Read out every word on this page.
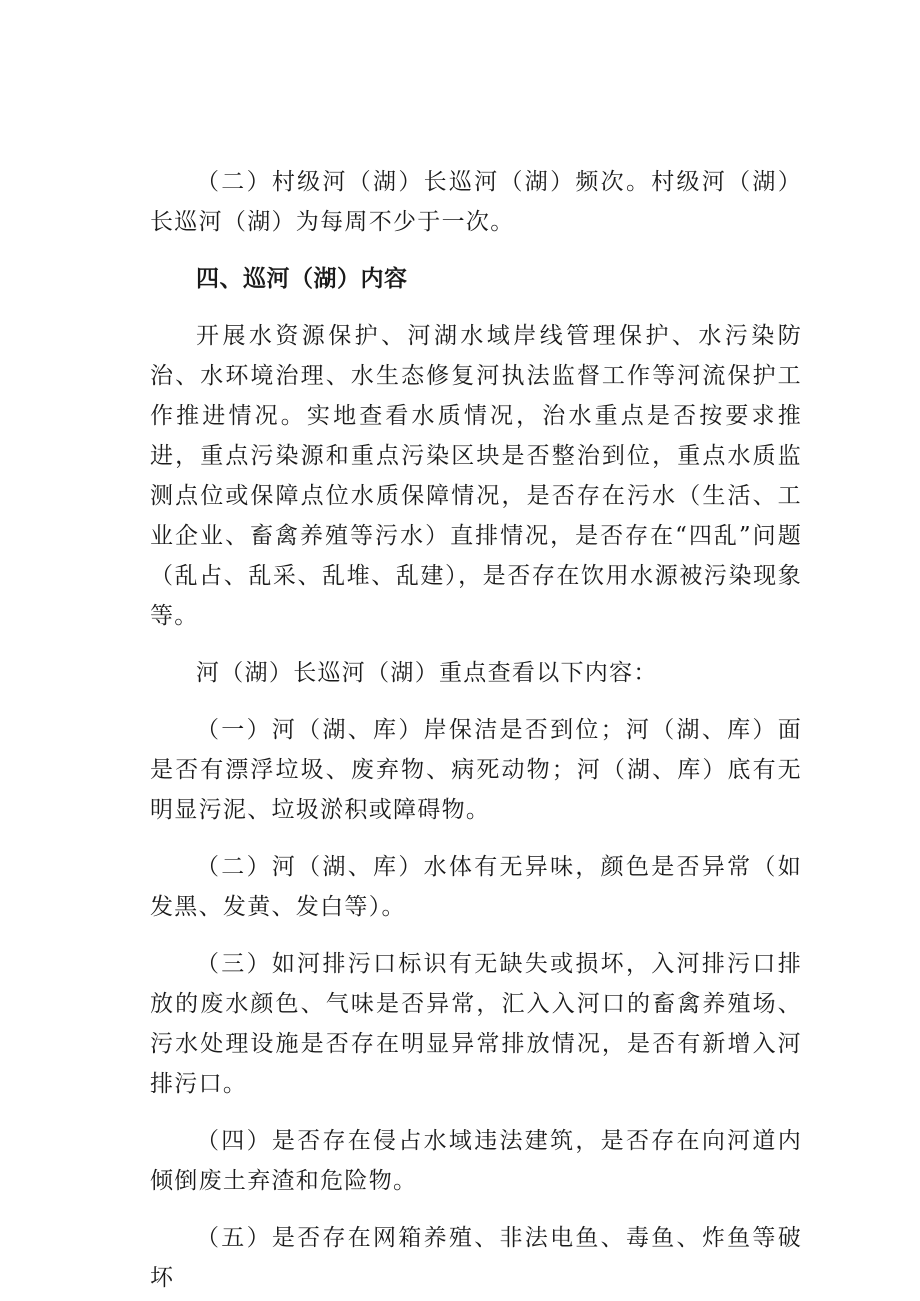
（二）村级河（湖）长巡河（湖）频次。村级河（湖）长巡河（湖）为每周不少于一次。

四、巡河（湖）内容

开展水资源保护、河湖水域岸线管理保护、水污染防治、水环境治理、水生态修复河执法监督工作等河流保护工作推进情况。实地查看水质情况，治水重点是否按要求推进，重点污染源和重点污染区块是否整治到位，重点水质监测点位或保障点位水质保障情况，是否存在污水（生活、工业企业、畜禽养殖等污水）直排情况，是否存在“四乱”问题（乱占、乱采、乱堆、乱建），是否存在饮用水源被污染现象等。

河（湖）长巡河（湖）重点查看以下内容：

（一）河（湖、库）岸保洁是否到位；河（湖、库）面是否有漂浮垃圾、废弃物、病死动物；河（湖、库）底有无明显污泥、垃圾淤积或障碍物。

（二）河（湖、库）水体有无异味，颜色是否异常（如发黑、发黄、发白等）。

（三）如河排污口标识有无缺失或损坏，入河排污口排放的废水颜色、气味是否异常，汇入入河口的畜禽养殖场、污水处理设施是否存在明显异常排放情况，是否有新增入河排污口。

（四）是否存在侵占水域违法建筑，是否存在向河道内倾倒废土弃渣和危险物。

（五）是否存在网箱养殖、非法电鱼、毒鱼、炸鱼等破坏
